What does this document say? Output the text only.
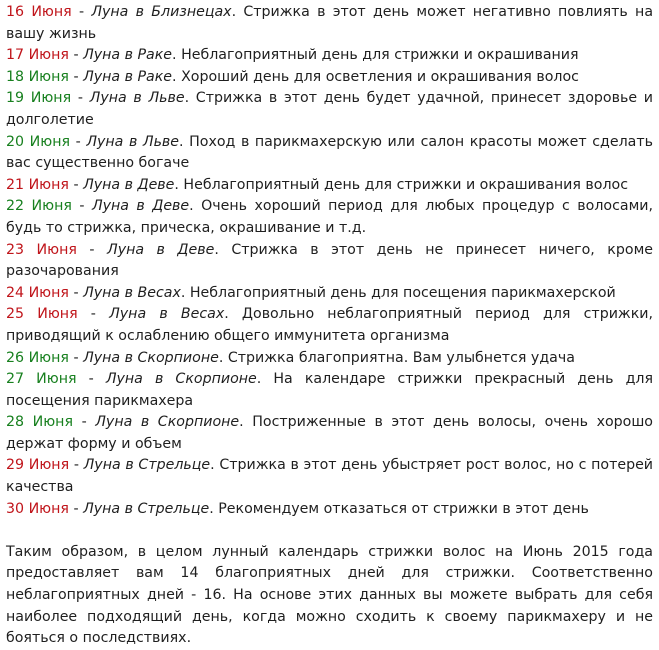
16 Июня - Луна в Близнецах. Стрижка в этот день может негативно повлиять на вашу жизнь
17 Июня - Луна в Раке. Неблагоприятный день для стрижки и окрашивания
18 Июня - Луна в Раке. Хороший день для осветления и окрашивания волос
19 Июня - Луна в Льве. Стрижка в этот день будет удачной, принесет здоровье и долголетие
20 Июня - Луна в Льве. Поход в парикмахерскую или салон красоты может сделать вас существенно богаче
21 Июня - Луна в Деве. Неблагоприятный день для стрижки и окрашивания волос
22 Июня - Луна в Деве. Очень хороший период для любых процедур с волосами, будь то стрижка, прическа, окрашивание и т.д.
23 Июня - Луна в Деве. Стрижка в этот день не принесет ничего, кроме разочарования
24 Июня - Луна в Весах. Неблагоприятный день для посещения парикмахерской
25 Июня - Луна в Весах. Довольно неблагоприятный период для стрижки, приводящий к ослаблению общего иммунитета организма
26 Июня - Луна в Скорпионе. Стрижка благоприятна. Вам улыбнется удача
27 Июня - Луна в Скорпионе. На календаре стрижки прекрасный день для посещения парикмахера
28 Июня - Луна в Скорпионе. Постриженные в этот день волосы, очень хорошо держат форму и объем
29 Июня - Луна в Стрельце. Стрижка в этот день убыстряет рост волос, но с потерей качества
30 Июня - Луна в Стрельце. Рекомендуем отказаться от стрижки в этот день

Таким образом, в целом лунный календарь стрижки волос на Июнь 2015 года предоставляет вам 14 благоприятных дней для стрижки. Соответственно неблагоприятных дней - 16. На основе этих данных вы можете выбрать для себя наиболее подходящий день, когда можно сходить к своему парикмахеру и не бояться о последствиях.
